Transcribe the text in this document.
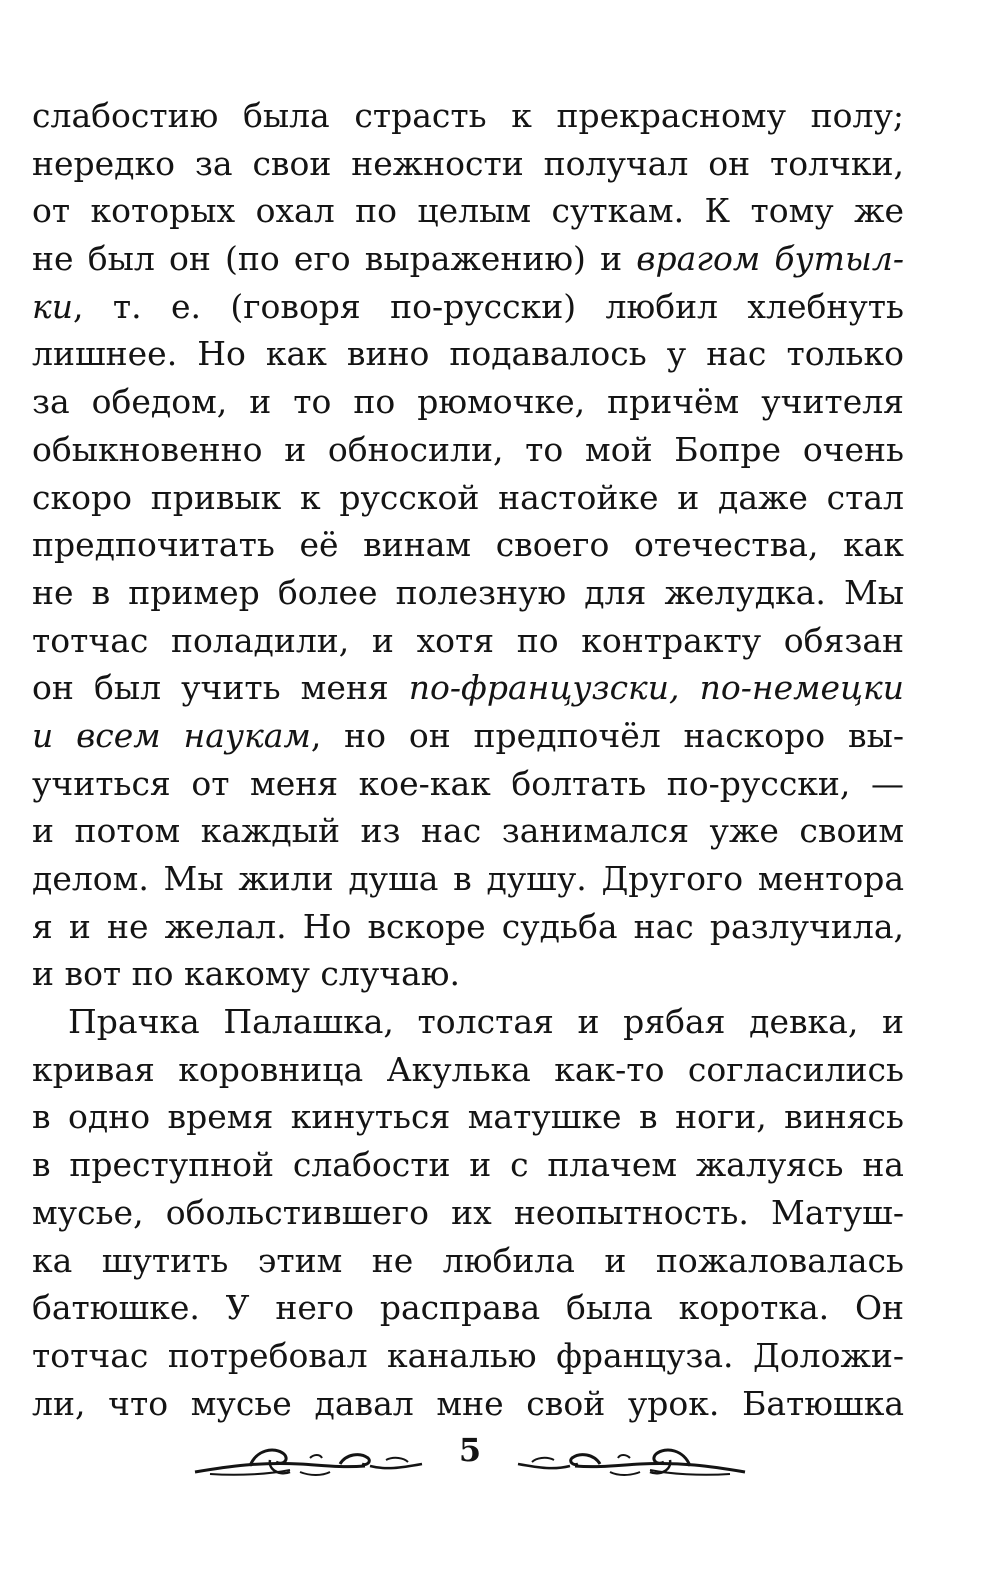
слабостию была страсть к прекрасному полу;
нередко за свои нежности получал он толчки,
от которых охал по целым суткам. К тому же
не был он (по его выражению) и врагом бутыл-
ки, т. е. (говоря по-русски) любил хлебнуть
лишнее. Но как вино подавалось у нас только
за обедом, и то по рюмочке, причём учителя
обыкновенно и обносили, то мой Бопре очень
скоро привык к русской настойке и даже стал
предпочитать её винам своего отечества, как
не в пример более полезную для желудка. Мы
тотчас поладили, и хотя по контракту обязан
он был учить меня по-французски, по-немецки
и всем наукам, но он предпочёл наскоро вы-
учиться от меня кое-как болтать по-русски, —
и потом каждый из нас занимался уже своим
делом. Мы жили душа в душу. Другого ментора
я и не желал. Но вскоре судьба нас разлучила,
и вот по какому случаю.
Прачка Палашка, толстая и рябая девка, и
кривая коровница Акулька как-то согласились
в одно время кинуться матушке в ноги, винясь
в преступной слабости и с плачем жалуясь на
мусье, обольстившего их неопытность. Матуш-
ка шутить этим не любила и пожаловалась
батюшке. У него расправа была коротка. Он
тотчас потребовал каналью француза. Доложи-
ли, что мусье давал мне свой урок. Батюшка
5
